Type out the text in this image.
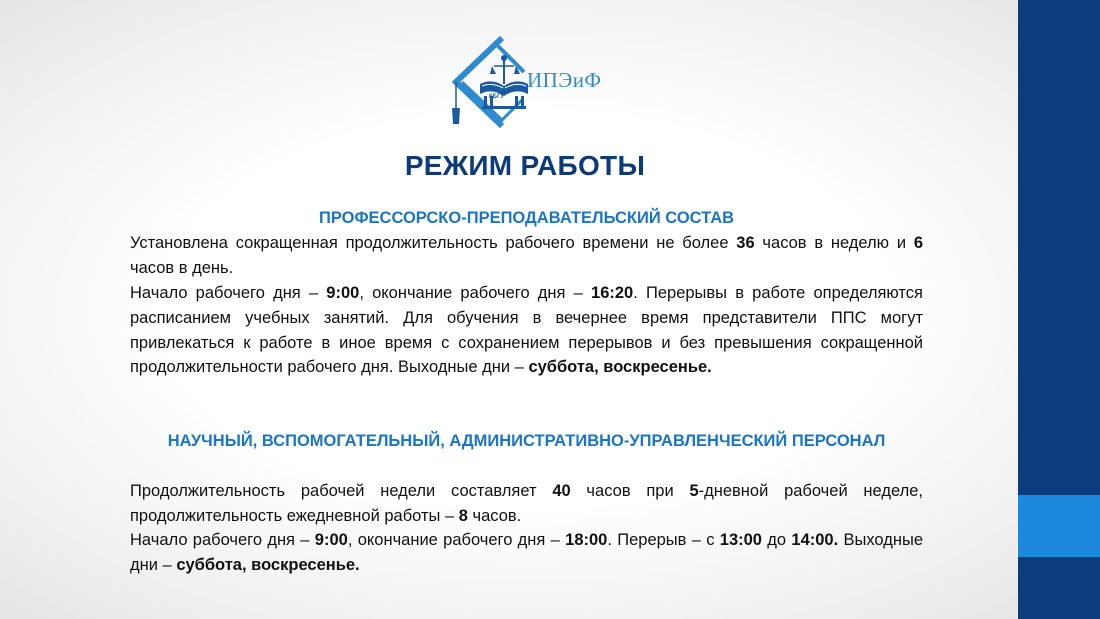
ИПЭиФ
КБГУ
РЕЖИМ РАБОТЫ
ПРОФЕССОРСКО-ПРЕПОДАВАТЕЛЬСКИЙ СОСТАВ

Установлена сокращенная продолжительность рабочего времени не более 36 часов в неделю и 6 часов в день.

Начало рабочего дня – 9:00, окончание рабочего дня – 16:20. Перерывы в работе определяются расписанием учебных занятий. Для обучения в вечернее время представители ППС могут привлекаться к работе в иное время с сохранением перерывов и без превышения сокращенной продолжительности рабочего дня. Выходные дни – суббота, воскресенье.

НАУЧНЫЙ, ВСПОМОГАТЕЛЬНЫЙ, АДМИНИСТРАТИВНО-УПРАВЛЕНЧЕСКИЙ ПЕРСОНАЛ

Продолжительность рабочей недели составляет 40 часов при 5-дневной рабочей неделе, продолжительность ежедневной работы – 8 часов.

Начало рабочего дня – 9:00, окончание рабочего дня – 18:00. Перерыв – с 13:00 до 14:00. Выходные дни – суббота, воскресенье.
